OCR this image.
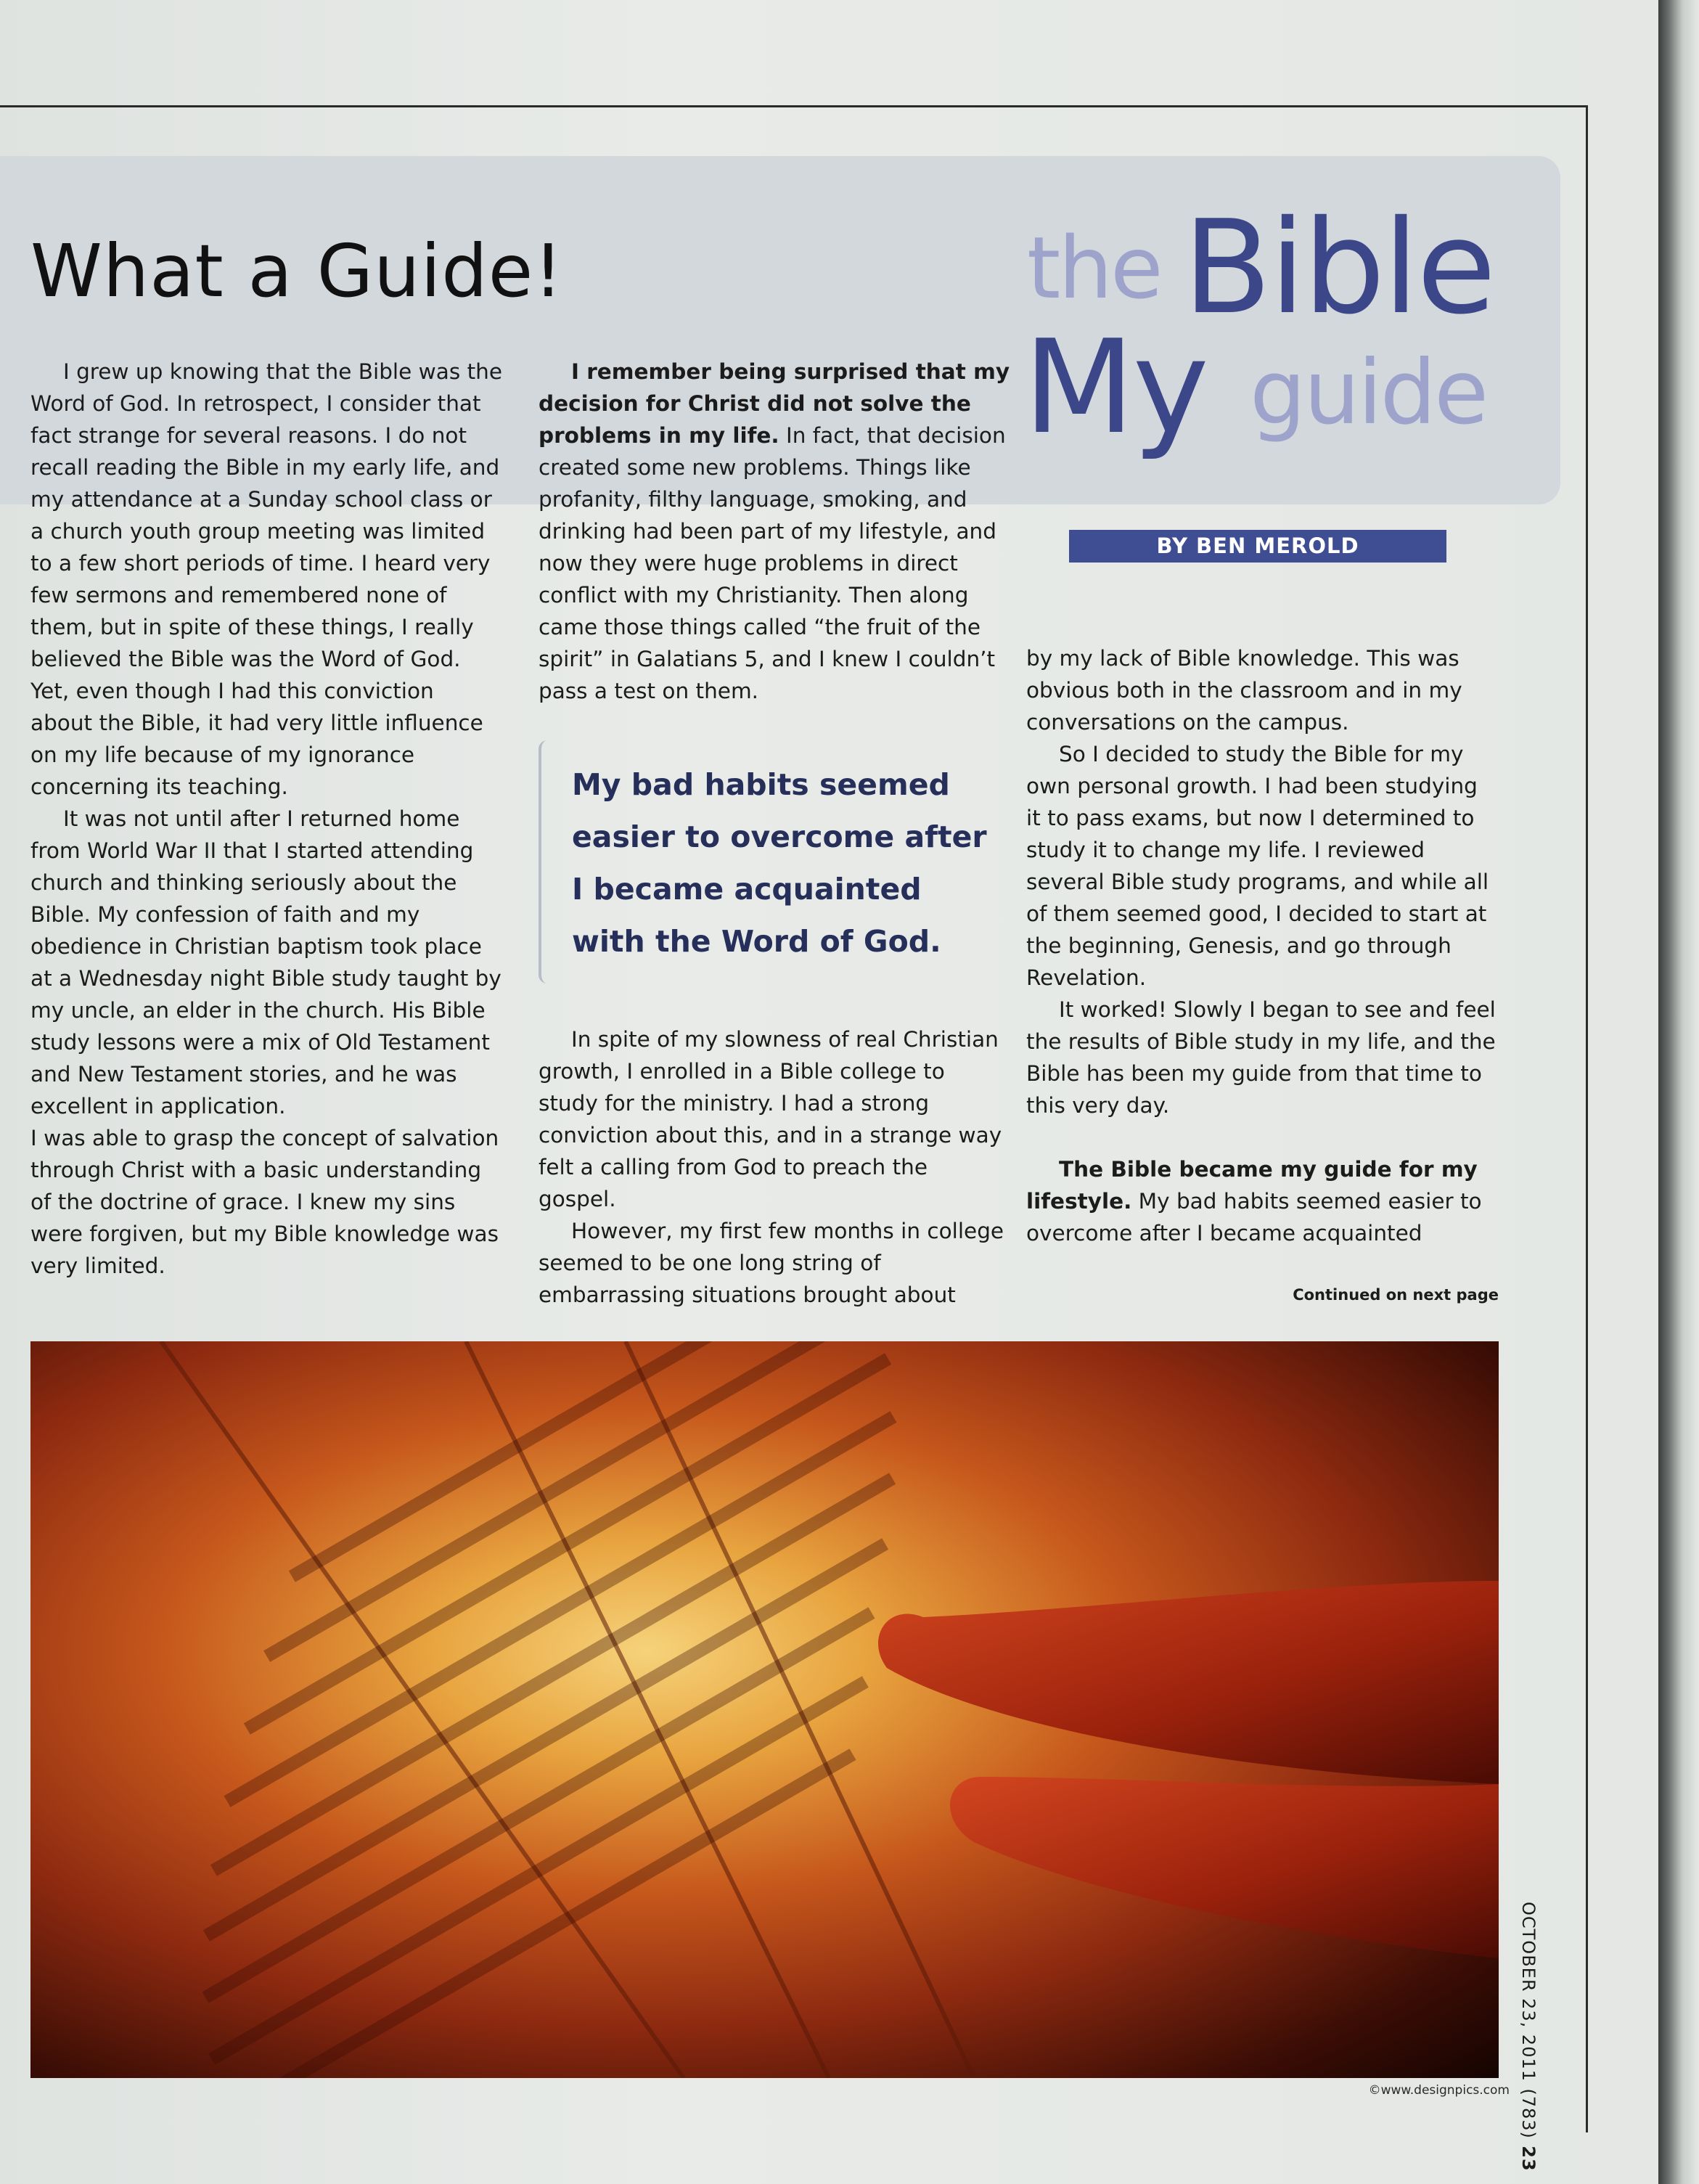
What a Guide!	the Bible
My guide
BY BEN MEROLD

I grew up knowing that the Bible was the Word of God. In retrospect, I consider that fact strange for several reasons. I do not recall reading the Bible in my early life, and my attendance at a Sunday school class or a church youth group meeting was limited to a few short periods of time. I heard very few sermons and remembered none of them, but in spite of these things, I really believed the Bible was the Word of God. Yet, even though I had this conviction about the Bible, it had very little influence on my life because of my ignorance concerning its teaching.

It was not until after I returned home from World War II that I started attending church and thinking seriously about the Bible. My confession of faith and my obedience in Christian baptism took place at a Wednesday night Bible study taught by my uncle, an elder in the church. His Bible study lessons were a mix of Old Testament and New Testament stories, and he was excellent in application.

I was able to grasp the concept of salvation through Christ with a basic understanding of the doctrine of grace. I knew my sins were forgiven, but my Bible knowledge was very limited.

I remember being surprised that my decision for Christ did not solve the problems in my life. In fact, that decision created some new problems. Things like profanity, filthy language, smoking, and drinking had been part of my lifestyle, and now they were huge problems in direct conflict with my Christianity. Then along came those things called “the fruit of the spirit” in Galatians 5, and I knew I couldn’t pass a test on them.

My bad habits seemed easier to overcome after I became acquainted with the Word of God.

In spite of my slowness of real Christian growth, I enrolled in a Bible college to study for the ministry. I had a strong conviction about this, and in a strange way felt a calling from God to preach the gospel.

However, my first few months in college seemed to be one long string of embarrassing situations brought about

by my lack of Bible knowledge. This was obvious both in the classroom and in my conversations on the campus.

So I decided to study the Bible for my own personal growth. I had been studying it to pass exams, but now I determined to study it to change my life. I reviewed several Bible study programs, and while all of them seemed good, I decided to start at the beginning, Genesis, and go through Revelation.

It worked! Slowly I began to see and feel the results of Bible study in my life, and the Bible has been my guide from that time to this very day.

The Bible became my guide for my lifestyle. My bad habits seemed easier to overcome after I became acquainted

Continued on next page
©www.designpics.com
OCTOBER 23, 2011 (783) 23
